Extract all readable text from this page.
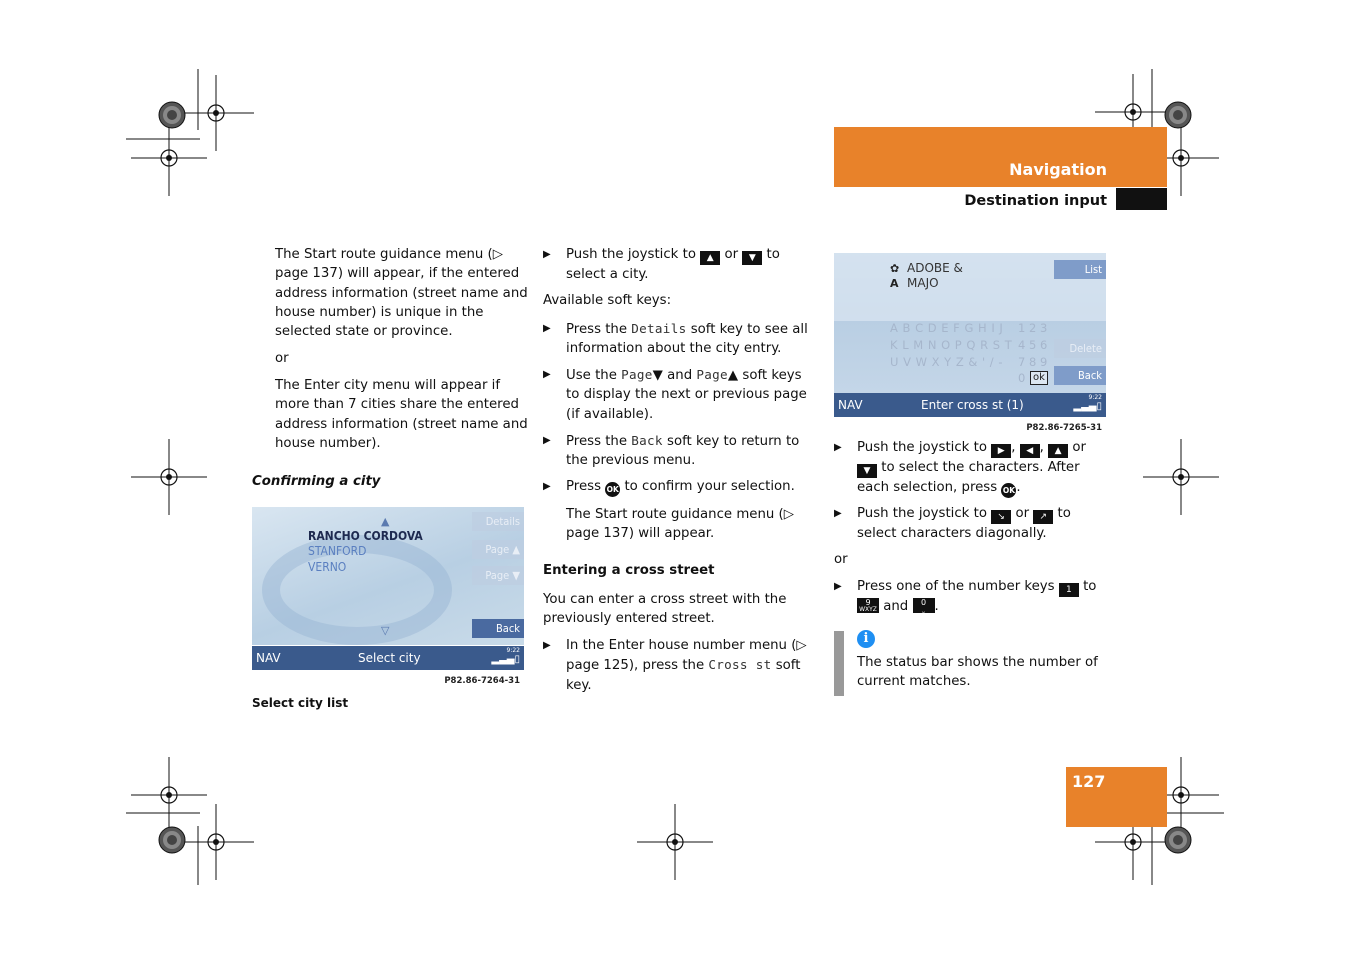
Navigation
Destination input
The Start route guidance menu (▷ page 137) will appear, if the entered address information (street name and house number) is unique in the selected state or province.
or
The Enter city menu will appear if more than 7 cities share the entered address information (street name and house number).
Confirming a city
▲
RANCHO CORDOVA
STANFORD
VERNO
▽
Details
Page ▲
Page ▼
Back
NAV	Select city
9:22
▂▃▄▯
P82.86-7264-31
Select city list
▶ Push the joystick to ▲ or ▼ to select a city.
Available soft keys:
▶ Press the Details soft key to see all information about the city entry.
▶ Use the Page▼ and Page▲ soft keys to display the next or previous page (if available).
▶ Press the Back soft key to return to the previous menu.
▶ Press OK to confirm your selection.
The Start route guidance menu (▷ page 137) will appear.
Entering a cross street
You can enter a cross street with the previously entered street.
▶ In the Enter house number menu (▷ page 125), press the Cross st soft key.
✿ ADOBE &
A MAJO
List
A B C D E F G H I J
K L M N O P Q R S T
U V W X Y Z & ' / -
1 2 3
4 5 6
7 8 9
0 ok
Delete
Back
NAV	Enter cross st (1)
9:22
▂▃▄▯
P82.86-7265-31
▶ Push the joystick to ▶ , ◀ , ▲ or ▼ to select the characters. After each selection, press OK.
▶ Push the joystick to ↘ or ↗ to select characters diagonally.
or
▶ Press one of the number keys 1 to
9
WXYZ and	0
⎵ .
i
The status bar shows the number of current matches.
127
